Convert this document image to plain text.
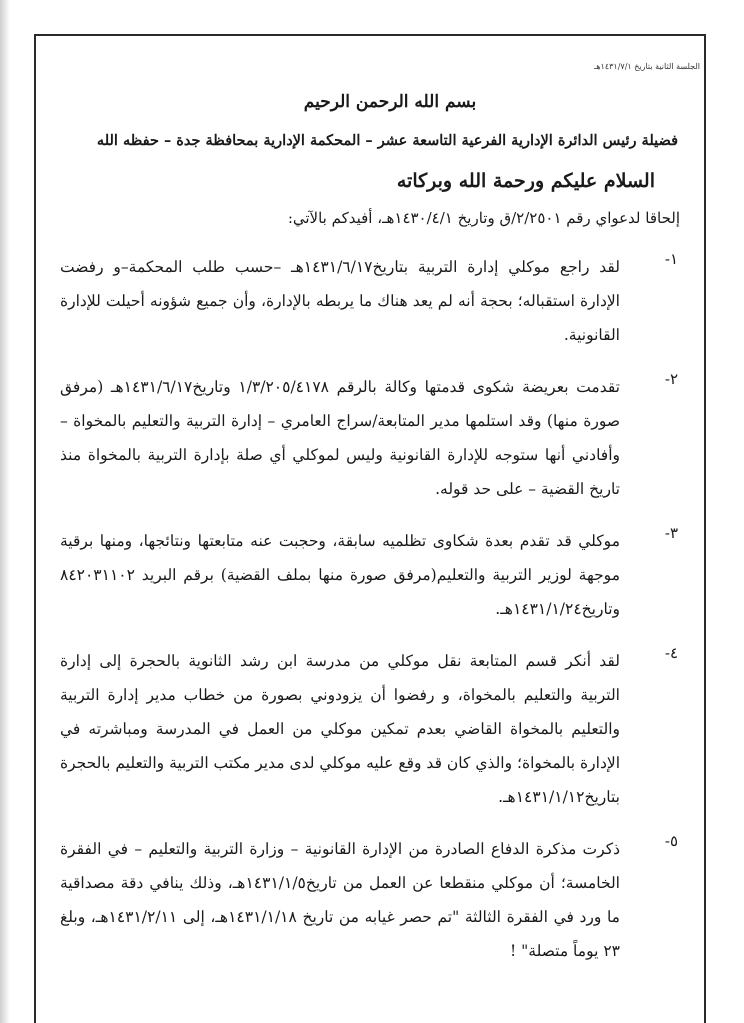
الجلسة الثانية بتاريخ ١٤٣١/٧/١هـ
بسم الله الرحمن الرحيم
فضيلة رئيس الدائرة الإدارية الفرعية التاسعة عشر – المحكمة الإدارية بمحافظة جدة – حفظه الله
السلام عليكم ورحمة الله وبركاته
إلحاقا لدعواي رقم ٢/٢٥٠١/ق وتاريخ ١٤٣٠/٤/١هـ، أفيدكم بالآتي:
١-
لقد راجع موكلي إدارة التربية بتاريخ١٤٣١/٦/١٧هـ –حسب طلب المحكمة–و رفضت الإدارة استقباله؛ بحجة أنه لم يعد هناك ما يربطه بالإدارة، وأن جميع شؤونه أحيلت للإدارة القانونية.
٢-
تقدمت بعريضة شكوى قدمتها وكالة بالرقم ١/٣/٢٠٥/٤١٧٨ وتاريخ١٤٣١/٦/١٧هـ (مرفق صورة منها) وقد استلمها مدير المتابعة/سراج العامري – إدارة التربية والتعليم بالمخواة – وأفادني أنها ستوجه للإدارة القانونية وليس لموكلي أي صلة بإدارة التربية بالمخواة منذ تاريخ القضية – على حد قوله.
٣-
موكلي قد تقدم بعدة شكاوى تظلميه سابقة، وحجبت عنه متابعتها ونتائجها، ومنها برقية موجهة لوزير التربية والتعليم(مرفق صورة منها بملف القضية) برقم البريد ٨٤٢٠٣١١٠٢ وتاريخ١٤٣١/١/٢٤هـ.
٤-
لقد أنكر قسم المتابعة نقل موكلي من مدرسة ابن رشد الثانوية بالحجرة إلى إدارة التربية والتعليم بالمخواة، و رفضوا أن يزودوني بصورة من خطاب مدير إدارة التربية والتعليم بالمخواة القاضي بعدم تمكين موكلي من العمل في المدرسة ومباشرته في الإدارة بالمخواة؛ والذي كان قد وقع عليه موكلي لدى مدير مكتب التربية والتعليم بالحجرة بتاريخ١٤٣١/١/١٢هـ.
٥-
ذكرت مذكرة الدفاع الصادرة من الإدارة القانونية – وزارة التربية والتعليم – في الفقرة الخامسة؛ أن موكلي منقطعا عن العمل من تاريخ١٤٣١/١/٥هـ، وذلك ينافي دقة مصداقية ما ورد في الفقرة الثالثة "تم حصر غيابه من تاريخ ١٤٣١/١/١٨هـ، إلى ١٤٣١/٢/١١هـ، وبلغ ٢٣ يوماً متصلة" !
